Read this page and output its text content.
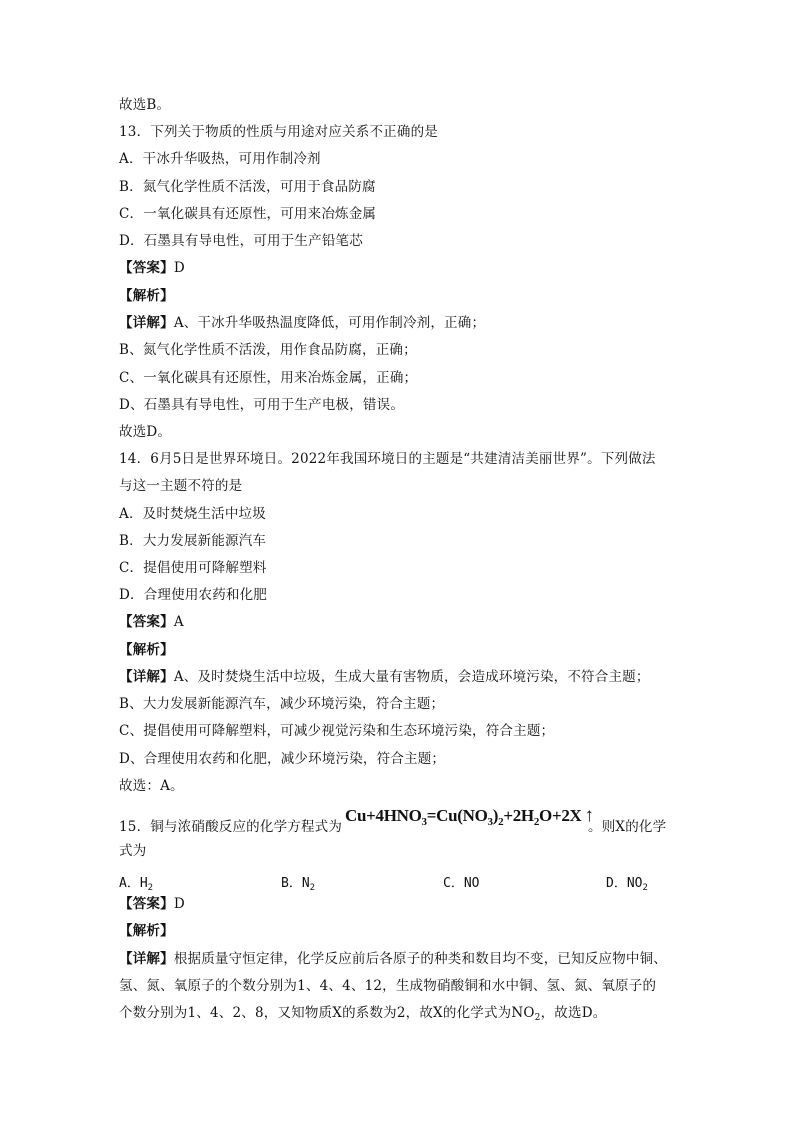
故选B。
13．下列关于物质的性质与用途对应关系不正确的是
A．干冰升华吸热，可用作制冷剂
B．氮气化学性质不活泼，可用于食品防腐
C．一氧化碳具有还原性，可用来冶炼金属
D．石墨具有导电性，可用于生产铅笔芯
【答案】D
【解析】
【详解】A、干冰升华吸热温度降低，可用作制冷剂，正确；
B、氮气化学性质不活泼，用作食品防腐，正确；
C、一氧化碳具有还原性，用来冶炼金属，正确；
D、石墨具有导电性，可用于生产电极，错误。
故选D。
14．6月5日是世界环境日。2022年我国环境日的主题是“共建清洁美丽世界”。下列做法
与这一主题不符的是
A．及时焚烧生活中垃圾
B．大力发展新能源汽车
C．提倡使用可降解塑料
D．合理使用农药和化肥
【答案】A
【解析】
【详解】A、及时焚烧生活中垃圾，生成大量有害物质，会造成环境污染，不符合主题；
B、大力发展新能源汽车，减少环境污染，符合主题；
C、提倡使用可降解塑料，可减少视觉污染和生态环境污染，符合主题；
D、合理使用农药和化肥，减少环境污染，符合主题；
故选：A。
15．铜与浓硝酸反应的化学方程式为
$Cu+4HNO_3=Cu(NO_3)_2+2H_2O+2X$ ↑
。则X的化学
式为
A．$H_2$	B．$N_2$	C．NO	D．$NO_2$
【答案】D
【解析】
【详解】根据质量守恒定律，化学反应前后各原子的种类和数目均不变，已知反应物中铜、
氢、氮、氧原子的个数分别为1、4、4、12，生成物硝酸铜和水中铜、氢、氮、氧原子的
个数分别为1、4、2、8，又知物质X的系数为2，故X的化学式为$NO_2$，故选D。
